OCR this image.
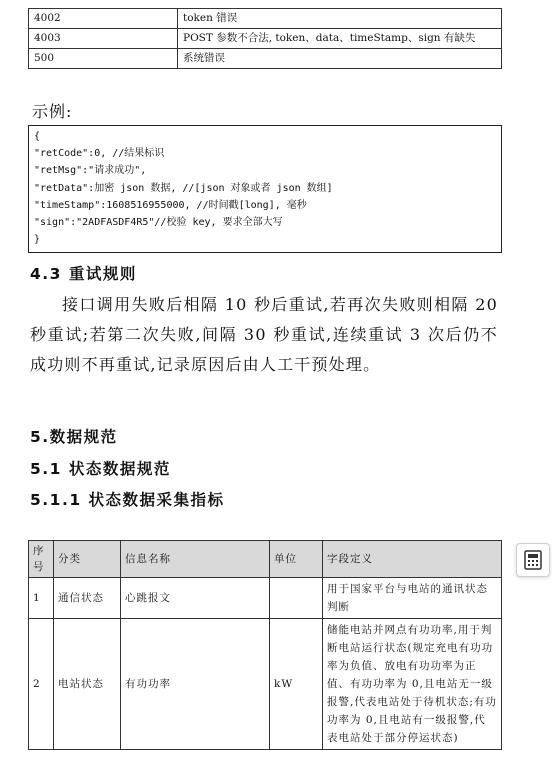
4002	token 错误
4003	POST 参数不合法, token、data、timeStamp、sign 有缺失
500	系统错误
示例:
{
"retCode":0, //结果标识
"retMsg":"请求成功",
"retData":加密 json 数据, //[json 对象或者 json 数组]
"timeStamp":1608516955000, //时间戳[long], 毫秒
"sign":"2ADFASDF4R5"//校验 key, 要求全部大写
}
4.3 重试规则

接口调用失败后相隔 10 秒后重试,若再次失败则相隔 20 秒重试;若第二次失败,间隔 30 秒重试,连续重试 3 次后仍不成功则不再重试,记录原因后由人工干预处理。

5.数据规范
5.1 状态数据规范
5.1.1 状态数据采集指标
序号	分类	信息名称	单位	字段定义
1	通信状态	心跳报文		用于国家平台与电站的通讯状态判断
2	电站状态	有功功率	kW	储能电站并网点有功功率,用于判断电站运行状态(规定充电有功功率为负值、放电有功功率为正值、有功功率为 0,且电站无一级报警,代表电站处于待机状态;有功功率为 0,且电站有一级报警,代表电站处于部分停运状态)
